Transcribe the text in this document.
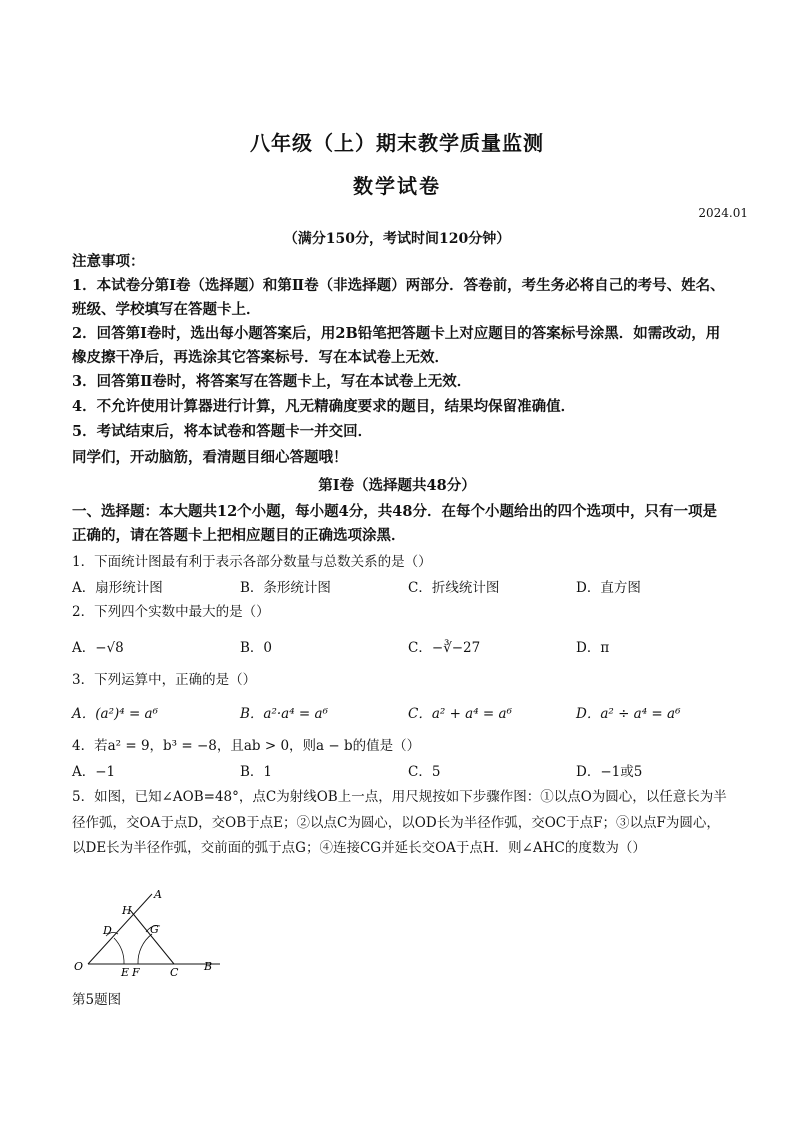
八年级（上）期末教学质量监测
数学试卷
2024.01
（满分150分，考试时间120分钟）
注意事项：
1．本试卷分第Ⅰ卷（选择题）和第Ⅱ卷（非选择题）两部分．答卷前，考生务必将自己的考号、姓名、班级、学校填写在答题卡上．
2．回答第Ⅰ卷时，选出每小题答案后，用2B铅笔把答题卡上对应题目的答案标号涂黑．如需改动，用橡皮擦干净后，再选涂其它答案标号．写在本试卷上无效．
3．回答第Ⅱ卷时，将答案写在答题卡上，写在本试卷上无效．
4．不允许使用计算器进行计算，凡无精确度要求的题目，结果均保留准确值．
5．考试结束后，将本试卷和答题卡一并交回．
同学们，开动脑筋，看清题目细心答题哦！
第Ⅰ卷（选择题共48分）
一、选择题：本大题共12个小题，每小题4分，共48分．在每个小题给出的四个选项中，只有一项是正确的，请在答题卡上把相应题目的正确选项涂黑．
1．下面统计图最有利于表示各部分数量与总数关系的是（）
A．扇形统计图	B．条形统计图	C．折线统计图	D．直方图
2．下列四个实数中最大的是（）
A．−√8	B．0	C．−∛−27	D．π
3．下列运算中，正确的是（）
A．(a²)⁴ = a⁶	B．a²·a⁴ = a⁶	C．a² + a⁴ = a⁶	D．a² ÷ a⁴ = a⁶
4．若a² = 9，b³ = −8，且ab > 0，则a − b的值是（）
A．−1	B．1	C．5	D．−1或5
5．如图，已知∠AOB=48°，点C为射线OB上一点，用尺规按如下步骤作图：①以点O为圆心，以任意长为半径作弧，交OA于点D，交OB于点E；②以点C为圆心，以OD长为半径作弧，交OC于点F；③以点F为圆心，以DE长为半径作弧，交前面的弧于点G；④连接CG并延长交OA于点H．则∠AHC的度数为（）
A
H
D	G
O	E F	C B
第5题图
